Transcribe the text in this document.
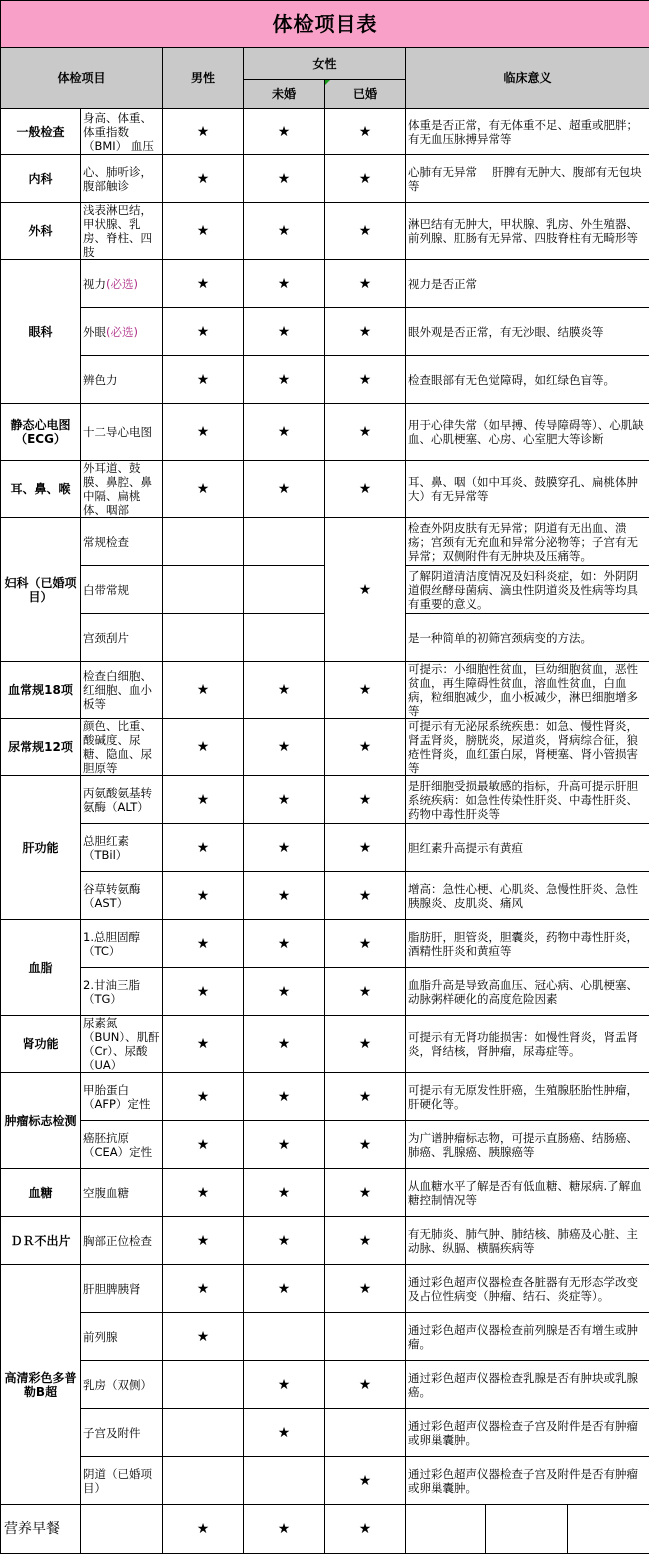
体检项目表					
体检项目		男性	女性		临床意义
			未婚	已婚	
一般检查	身高、体重、体重指数（BMI） 血压	★	★	★	体重是否正常，有无体重不足、超重或肥胖；有无血压脉搏异常等
内科	心、肺听诊，腹部触诊	★	★	★	心肺有无异常　 肝脾有无肿大、腹部有无包块等
外科	浅表淋巴结，甲状腺、乳房、脊柱、四肢	★	★	★	淋巴结有无肿大，甲状腺、乳房、外生殖器、前列腺、肛肠有无异常、四肢脊柱有无畸形等
眼科	视力(必选)	★	★	★	视力是否正常
	外眼(必选)	★	★	★	眼外观是否正常，有无沙眼、结膜炎等
	辨色力	★	★	★	检查眼部有无色觉障碍，如红绿色盲等。
静态心电图（ECG）	十二导心电图	★	★	★	用于心律失常（如早搏、传导障碍等）、心肌缺血、心肌梗塞、心房、心室肥大等诊断
耳、鼻、喉	外耳道、鼓膜、鼻腔、鼻中隔、扁桃体、咽部	★	★	★	耳、鼻、咽（如中耳炎、鼓膜穿孔、扁桃体肿大）有无异常等
妇科（已婚项目）	常规检查			★	检查外阴皮肤有无异常；阴道有无出血、溃疡；宫颈有无充血和异常分泌物等；子宫有无异常；双侧附件有无肿块及压痛等。
	白带常规				了解阴道清洁度情况及妇科炎症，如：外阴阴道假丝酵母菌病、滴虫性阴道炎及性病等均具有重要的意义。
	宫颈刮片				是一种简单的初筛宫颈病变的方法。
血常规18项	检查白细胞、红细胞、血小板等	★	★	★	可提示：小细胞性贫血，巨幼细胞贫血，恶性贫血，再生障碍性贫血，溶血性贫血，白血病，粒细胞减少，血小板减少，淋巴细胞增多等
尿常规12项	颜色、比重、酸碱度、尿糖、隐血、尿胆原等	★	★	★	可提示有无泌尿系统疾患：如急、慢性肾炎，肾盂肾炎，膀胱炎，尿道炎，肾病综合征，狼疮性肾炎，血红蛋白尿，肾梗塞、肾小管损害等
肝功能	丙氨酸氨基转氨酶（ALT）	★	★	★	是肝细胞受损最敏感的指标，升高可提示肝胆系统疾病：如急性传染性肝炎、中毒性肝炎、药物中毒性肝炎等
	总胆红素（TBil）	★	★	★	胆红素升高提示有黄疸
	谷草转氨酶（AST）	★	★	★	增高：急性心梗、心肌炎、急慢性肝炎、急性胰腺炎、皮肌炎、痛风
血脂	1.总胆固醇（TC）	★	★	★	脂肪肝，胆管炎，胆囊炎，药物中毒性肝炎，酒精性肝炎和黄疸等
	2.甘油三脂（TG）	★	★	★	血脂升高是导致高血压、冠心病、心肌梗塞、动脉粥样硬化的高度危险因素
肾功能	尿素氮（BUN）、肌酐（Cr）、尿酸（UA）	★	★	★	可提示有无肾功能损害：如慢性肾炎，肾盂肾炎，肾结核，肾肿瘤，尿毒症等。
肿瘤标志检测	甲胎蛋白（AFP）定性	★	★	★	可提示有无原发性肝癌，生殖腺胚胎性肿瘤，肝硬化等。
	癌胚抗原（CEA）定性	★	★	★	为广谱肿瘤标志物，可提示直肠癌、结肠癌、肺癌、乳腺癌、胰腺癌等
血糖	空腹血糖	★	★	★	从血糖水平了解是否有低血糖、糖尿病.了解血糖控制情况等
ＤＲ不出片	胸部正位检查	★	★	★	有无肺炎、肺气肿、肺结核、肺癌及心脏、主动脉、纵膈、横膈疾病等
高清彩色多普勒B超	肝胆脾胰肾	★	★	★	通过彩色超声仪器检查各脏器有无形态学改变及占位性病变（肿瘤、结石、炎症等）。
	前列腺	★			通过彩色超声仪器检查前列腺是否有增生或肿瘤。
	乳房（双侧）		★	★	通过彩色超声仪器检查乳腺是否有肿块或乳腺癌。
	子宫及附件		★		通过彩色超声仪器检查子宫及附件是否有肿瘤或卵巢囊肿。
	阴道（已婚项目）			★	通过彩色超声仪器检查子宫及附件是否有肿瘤或卵巢囊肿。
营养早餐		★	★	★	
